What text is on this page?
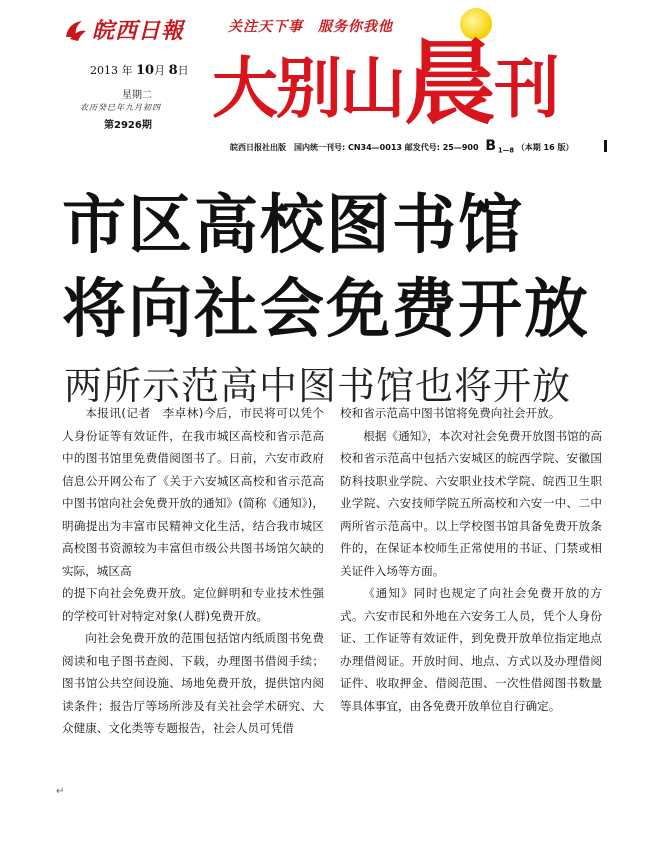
皖西日報	关注天下事　服务你我他
2013 年 10月 8日
星期二
农历癸巳年九月初四
第2926期 大别山晨刊
皖西日报社出版　国内统一刊号: CN34—0013 邮发代号: 25—900 B $_{1—8}$ （本期 16 版）
市区高校图书馆
将向社会免费开放
两所示范高中图书馆也将开放

本报讯(记者　李卓林)今后，市民将可以凭个人身份证等有效证件，在我市城区高校和省示范高中的图书馆里免费借阅图书了。日前，六安市政府信息公开网公布了《关于六安城区高校和省示范高中图书馆向社会免费开放的通知》(简称《通知》)，明确提出为丰富市民精神文化生活，结合我市城区高校图书资源较为丰富但市级公共图书场馆欠缺的实际，城区高

的提下向社会免费开放。定位鲜明和专业技术性强的学校可针对特定对象(人群)免费开放。

向社会免费开放的范围包括馆内纸质图书免费阅读和电子图书查阅、下载，办理图书借阅手续；图书馆公共空间设施、场地免费开放，提供馆内阅读条件；报告厅等场所涉及有关社会学术研究、大众健康、文化类等专题报告，社会人员可凭借

校和省示范高中图书馆将免费向社会开放。

根据《通知》，本次对社会免费开放图书馆的高校和省示范高中包括六安城区的皖西学院、安徽国防科技职业学院、六安职业技术学院、皖西卫生职业学院、六安技师学院五所高校和六安一中、二中两所省示范高中。以上学校图书馆具备免费开放条件的，在保证本校师生正常使用的书证、门禁或相关证件入场等方面。

《通知》同时也规定了向社会免费开放的方式。六安市民和外地在六安务工人员，凭个人身份证、工作证等有效证件，到免费开放单位指定地点办理借阅证。开放时间、地点、方式以及办理借阅证件、收取押金、借阅范围、一次性借阅图书数量等具体事宜，由各免费开放单位自行确定。

↵
